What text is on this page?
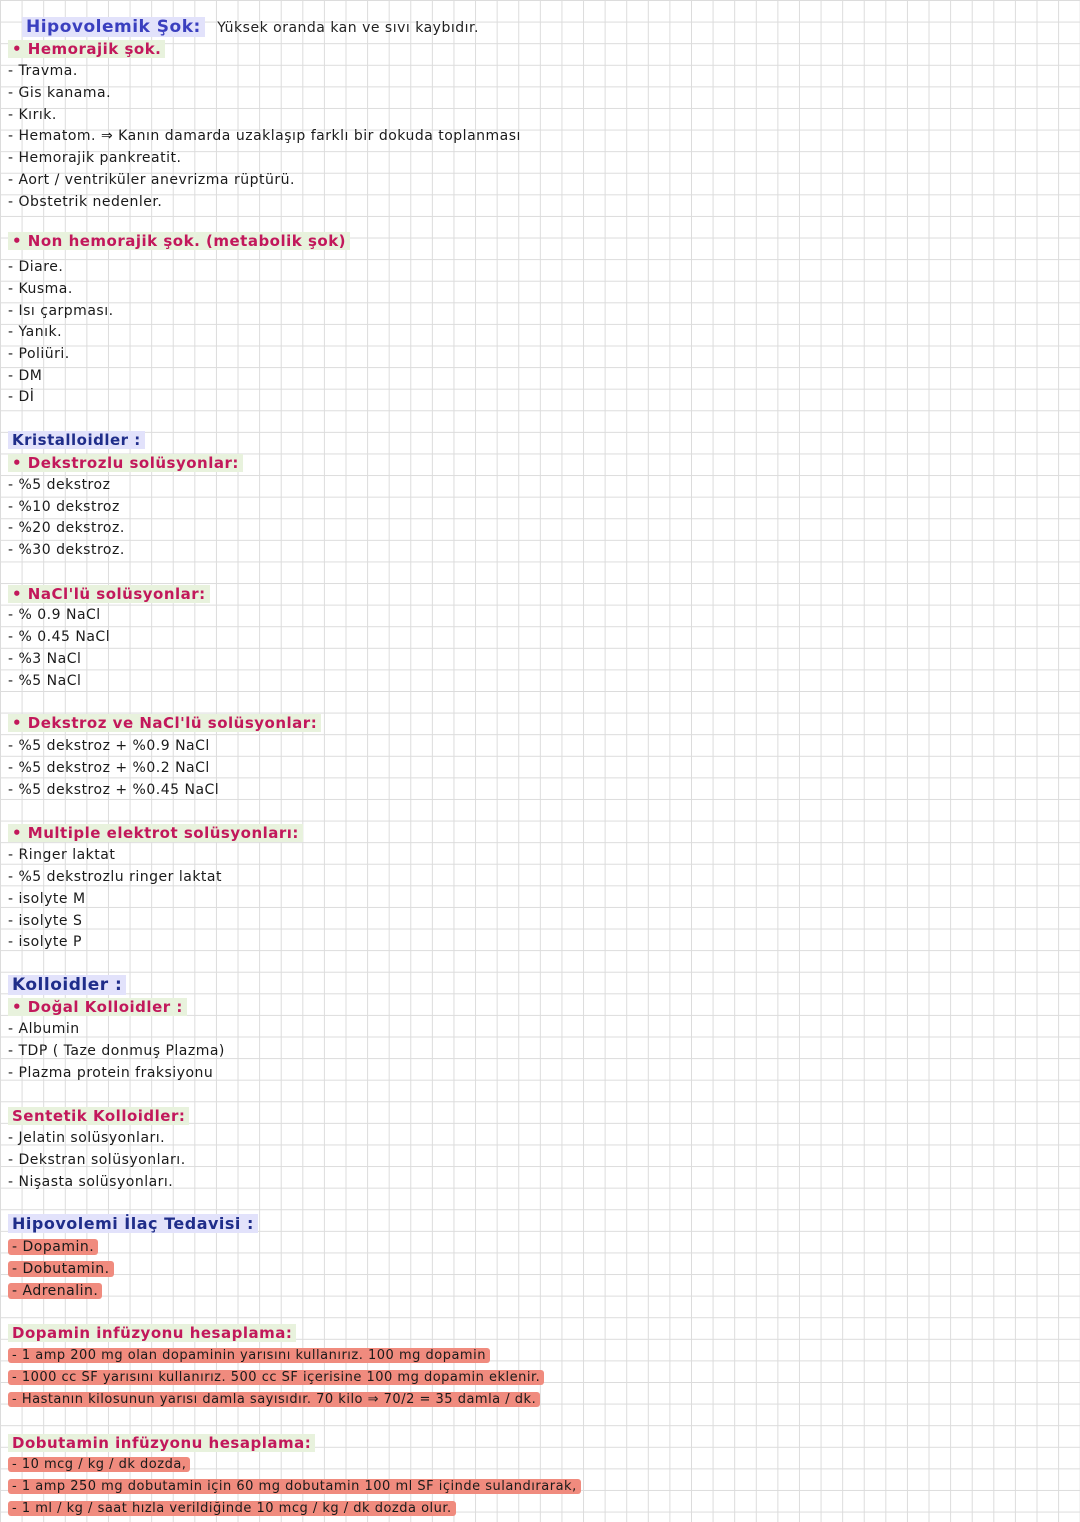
Hipovolemik Şok: Yüksek oranda kan ve sıvı kaybıdır.
• Hemorajik şok.
- Travma.
- Gis kanama.
- Kırık.
- Hematom. ⇒ Kanın damarda uzaklaşıp farklı bir dokuda toplanması
- Hemorajik pankreatit.
- Aort / ventriküler anevrizma rüptürü.
- Obstetrik nedenler.
• Non hemorajik şok. (metabolik şok)
- Diare.
- Kusma.
- Isı çarpması.
- Yanık.
- Poliüri.
- DM
- Dİ
Kristalloidler :
• Dekstrozlu solüsyonlar:
- %5 dekstroz
- %10 dekstroz
- %20 dekstroz.
- %30 dekstroz.
• NaCl'lü solüsyonlar:
- % 0.9 NaCl
- % 0.45 NaCl
- %3 NaCl
- %5 NaCl
• Dekstroz ve NaCl'lü solüsyonlar:
- %5 dekstroz + %0.9 NaCl
- %5 dekstroz + %0.2 NaCl
- %5 dekstroz + %0.45 NaCl
• Multiple elektrot solüsyonları:
- Ringer laktat
- %5 dekstrozlu ringer laktat
- isolyte M
- isolyte S
- isolyte P
Kolloidler :
• Doğal Kolloidler :
- Albumin
- TDP ( Taze donmuş Plazma)
- Plazma protein fraksiyonu
Sentetik Kolloidler:
- Jelatin solüsyonları.
- Dekstran solüsyonları.
- Nişasta solüsyonları.
Hipovolemi İlaç Tedavisi :
- Dopamin.
- Dobutamin.
- Adrenalin.
Dopamin infüzyonu hesaplama:
- 1 amp 200 mg olan dopaminin yarısını kullanırız. 100 mg dopamin
- 1000 cc SF yarısını kullanırız. 500 cc SF içerisine 100 mg dopamin eklenir.
- Hastanın kilosunun yarısı damla sayısıdır. 70 kilo ⇒ 70/2 = 35 damla / dk.
Dobutamin infüzyonu hesaplama:
- 10 mcg / kg / dk dozda,
- 1 amp 250 mg dobutamin için 60 mg dobutamin 100 ml SF içinde sulandırarak,
- 1 ml / kg / saat hızla verildiğinde 10 mcg / kg / dk dozda olur.
